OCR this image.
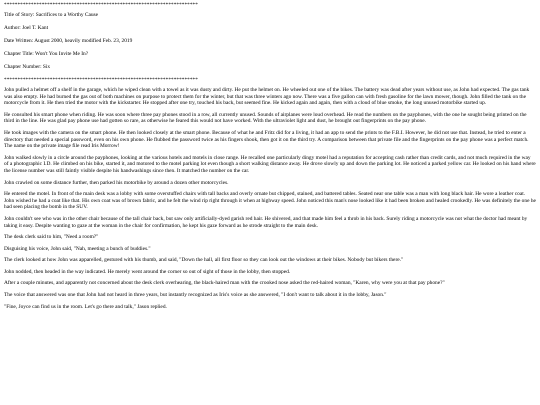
************************************************************************

Title of Story: Sacrifices to a Worthy Cause

Author: Joel T. Kant

Date Written: August 2000, heavily modified Feb. 23, 2019

Chapter Title: Won't You Invite Me In?

Chapter Number: Six

************************************************************************

John pulled a helmet off a shelf in the garage, which he wiped clean with a towel as it was dusty and dirty. He put the helmet on. He wheeled out one of the bikes. The battery was dead after years without use, as John had expected. The gas tank was also empty. He had burned the gas out of both machines on purpose to protect them for the winter, but that was three winters ago now. There was a five gallon can with fresh gasoline for the lawn mower, though. John filled the tank on the motorcycle from it. He then tried the motor with the kickstarter. He stopped after one try, touched his back, but seemed fine. He kicked again and again, then with a cloud of blue smoke, the long unused motorbike started up.

He consulted his smart phone when riding. He was soon where three pay phones stood in a row, all currently unused. Sounds of airplanes were loud overhead. He read the numbers on the payphones, with the one he sought being printed on the third in the line. He was glad pay phone use had gotten so rare, as otherwise he feared this would not have worked. With the ultraviolet light and dust, he brought out fingerprints on the pay phone.

He took images with the camera on the smart phone. He then looked closely at the smart phone. Because of what he and Fritz did for a living, it had an app to send the prints to the F.B.I. However, he did not use that. Instead, he tried to enter a directory that needed a special password, even on his own phone. He flubbed the password twice as his fingers shook, then got it on the third try. A comparison between that private file and the fingerprints on the pay phone was a perfect match. The name on the private image file read Iris Morrow!

John walked slowly in a circle around the payphones, looking at the various hotels and motels in close range. He recalled one particularly dingy motel had a reputation for accepting cash rather than credit cards, and not much required in the way of a photographic I.D. He climbed on his bike, started it, and motored to the motel parking lot even though a short walking distance away. He drove slowly up and down the parking lot. He noticed a parked yellow car. He looked on his hand where the license number was still faintly visible despite his handwashings since then. It matched the number on the car.

John crawled on some distance further, then parked his motorbike by around a dozen other motorcycles.

He entered the motel. In front of the main desk was a lobby with some overstuffed chairs with tall backs and overly ornate but chipped, stained, and battered tables. Seated near one table was a man with long black hair. He wore a leather coat. John wished he had a coat like that. His own coat was of brown fabric, and he felt the wind rip right through it when at highway speed. John noticed this man's nose looked like it had been broken and healed crookedly. He was definitely the one he had seen placing the bomb in the SUV.

John couldn't see who was in the other chair because of the tall chair back, but saw only artificially-dyed garish red hair. He shivered, and that made him feel a throb in his back. Surely riding a motorcycle was not what the doctor had meant by taking it easy. Despite wanting to gaze at the woman in the chair for confirmation, he kept his gaze forward as he strode straight to the main desk.

The desk clerk said to him, "Need a room?"

Disguising his voice, John said, "Nah, meeting a bunch of buddies."

The clerk looked at how John was apparelled, gestured with his thumb, and said, "Down the hall, all first floor so they can look out the windows at their bikes. Nobody but bikers there."

John nodded, then headed in the way indicated. He merely went around the corner so out of sight of those in the lobby, then stopped.

After a couple minutes, and apparently not concerned about the desk clerk overhearing, the black-haired man with the crooked nose asked the red-haired woman, "Karen, why were you at that pay phone?"

The voice that answered was one that John had not heard in three years, but instantly recognized as Iris's voice as she answered, "I don't want to talk about it in the lobby, Jason."

"Fine, Joyce can find us in the room. Let's go there and talk," Jason replied.
